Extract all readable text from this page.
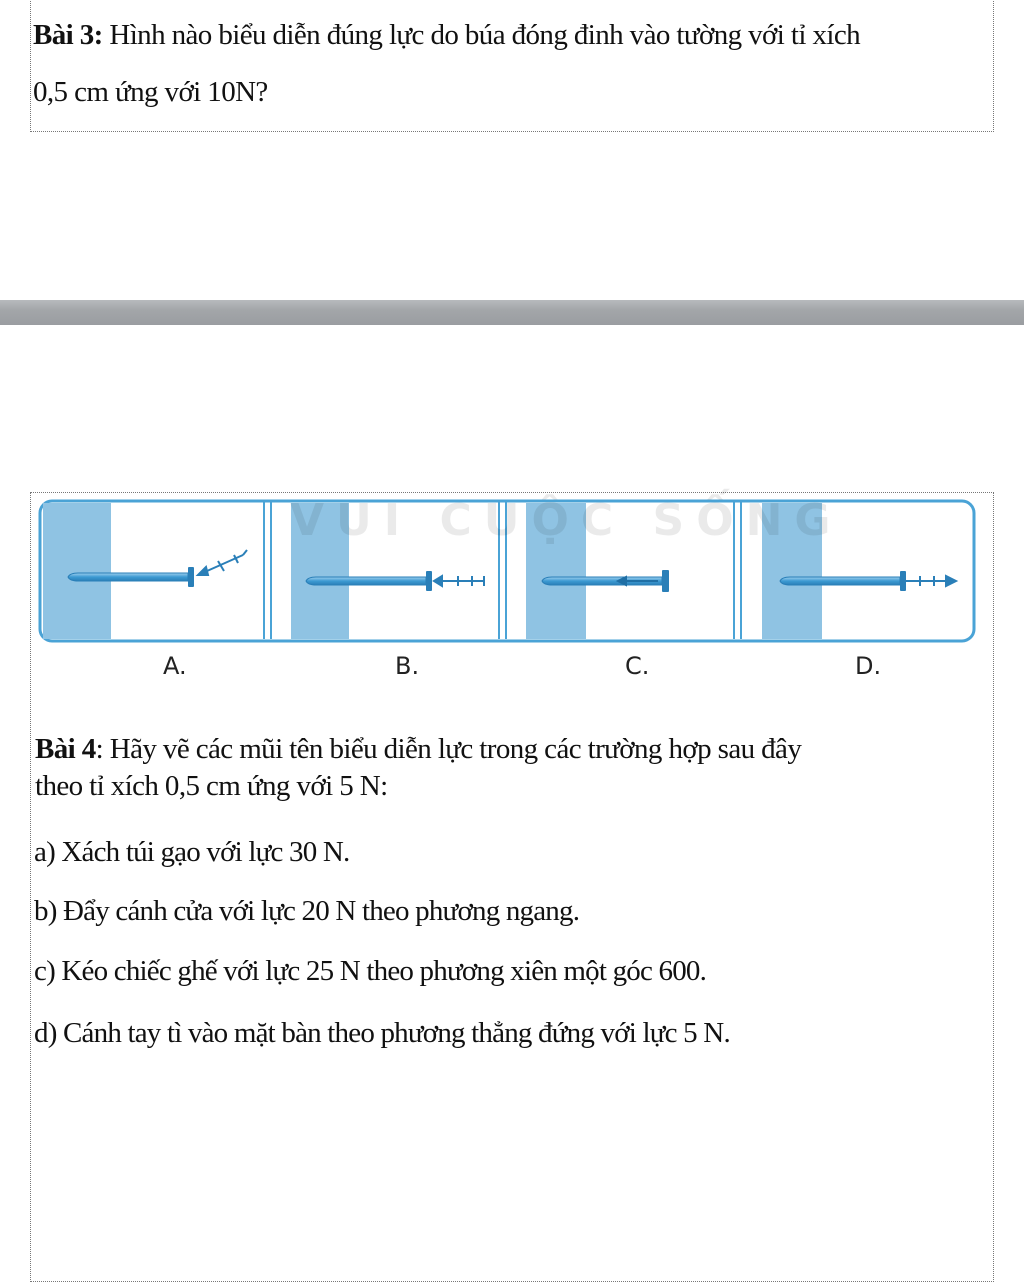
Bài 3: Hình nào biểu diễn đúng lực do búa đóng đinh vào tường với tỉ xích
0,5 cm ứng với 10N?
VUI CUỘC SỐNG
A.	B.	C.	D.
Bài 4: Hãy vẽ các mũi tên biểu diễn lực trong các trường hợp sau đây
theo tỉ xích 0,5 cm ứng với 5 N:
a) Xách túi gạo với lực 30 N.
b) Đẩy cánh cửa với lực 20 N theo phương ngang.
c) Kéo chiếc ghế với lực 25 N theo phương xiên một góc 600.
d) Cánh tay tì vào mặt bàn theo phương thẳng đứng với lực 5 N.
